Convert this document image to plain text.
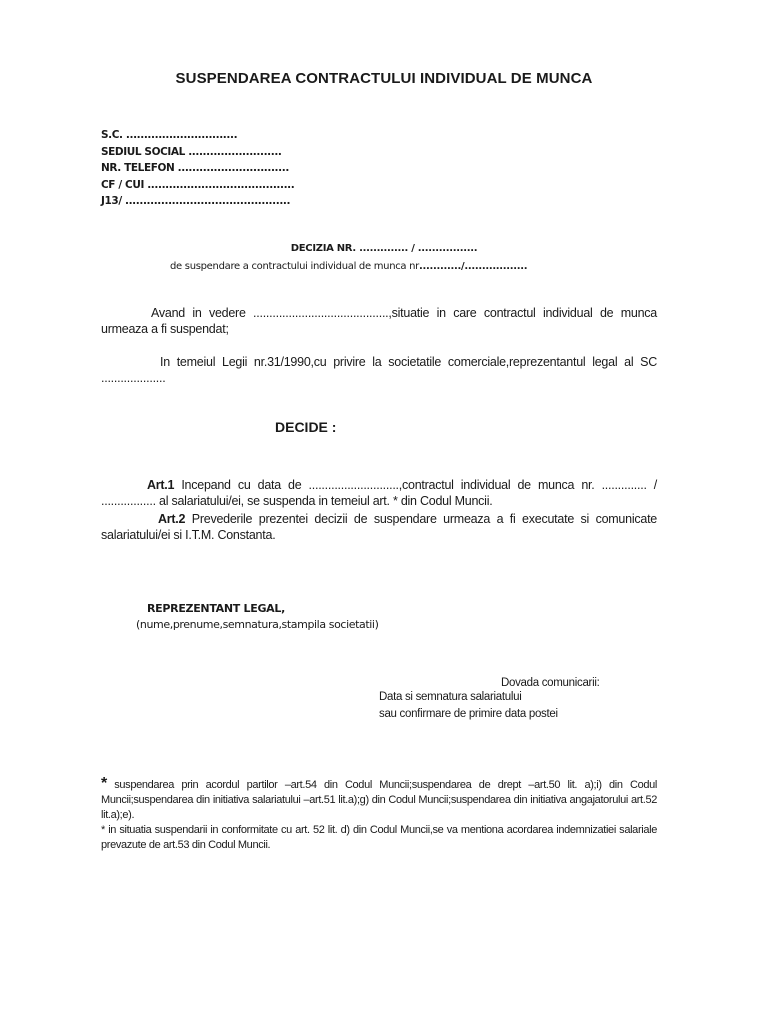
SUSPENDAREA CONTRACTULUI INDIVIDUAL DE MUNCA
S.C. ...............................
SEDIUL SOCIAL ..........................
NR. TELEFON ...............................
CF / CUI .........................................
J13/ ..............................................
DECIZIA NR. .............. / .................
de suspendare a contractului individual de munca nr............/..................
Avand in vedere ..........................................,situatie in care contractul individual de munca urmeaza a fi suspendat;
In temeiul Legii nr.31/1990,cu privire la societatile comerciale,reprezentantul legal al SC ....................
DECIDE :
Art.1 Incepand cu data de ............................,contractul individual de munca nr. .............. / ................. al salariatului/ei, se suspenda in temeiul art. * din Codul Muncii.
Art.2 Prevederile prezentei decizii de suspendare urmeaza a fi executate si comunicate salariatului/ei si I.T.M. Constanta.
REPREZENTANT LEGAL,
(nume,prenume,semnatura,stampila societatii)
Dovada comunicarii:
Data si semnatura salariatului
sau confirmare de primire data postei
* suspendarea prin acordul partilor –art.54 din Codul Muncii;suspendarea de drept –art.50 lit. a);i) din Codul Muncii;suspendarea din initiativa salariatului –art.51 lit.a);g) din Codul Muncii;suspendarea din initiativa angajatorului art.52 lit.a);e).
* in situatia suspendarii in conformitate cu art. 52 lit. d) din Codul Muncii,se va mentiona acordarea indemnizatiei salariale prevazute de art.53 din Codul Muncii.
